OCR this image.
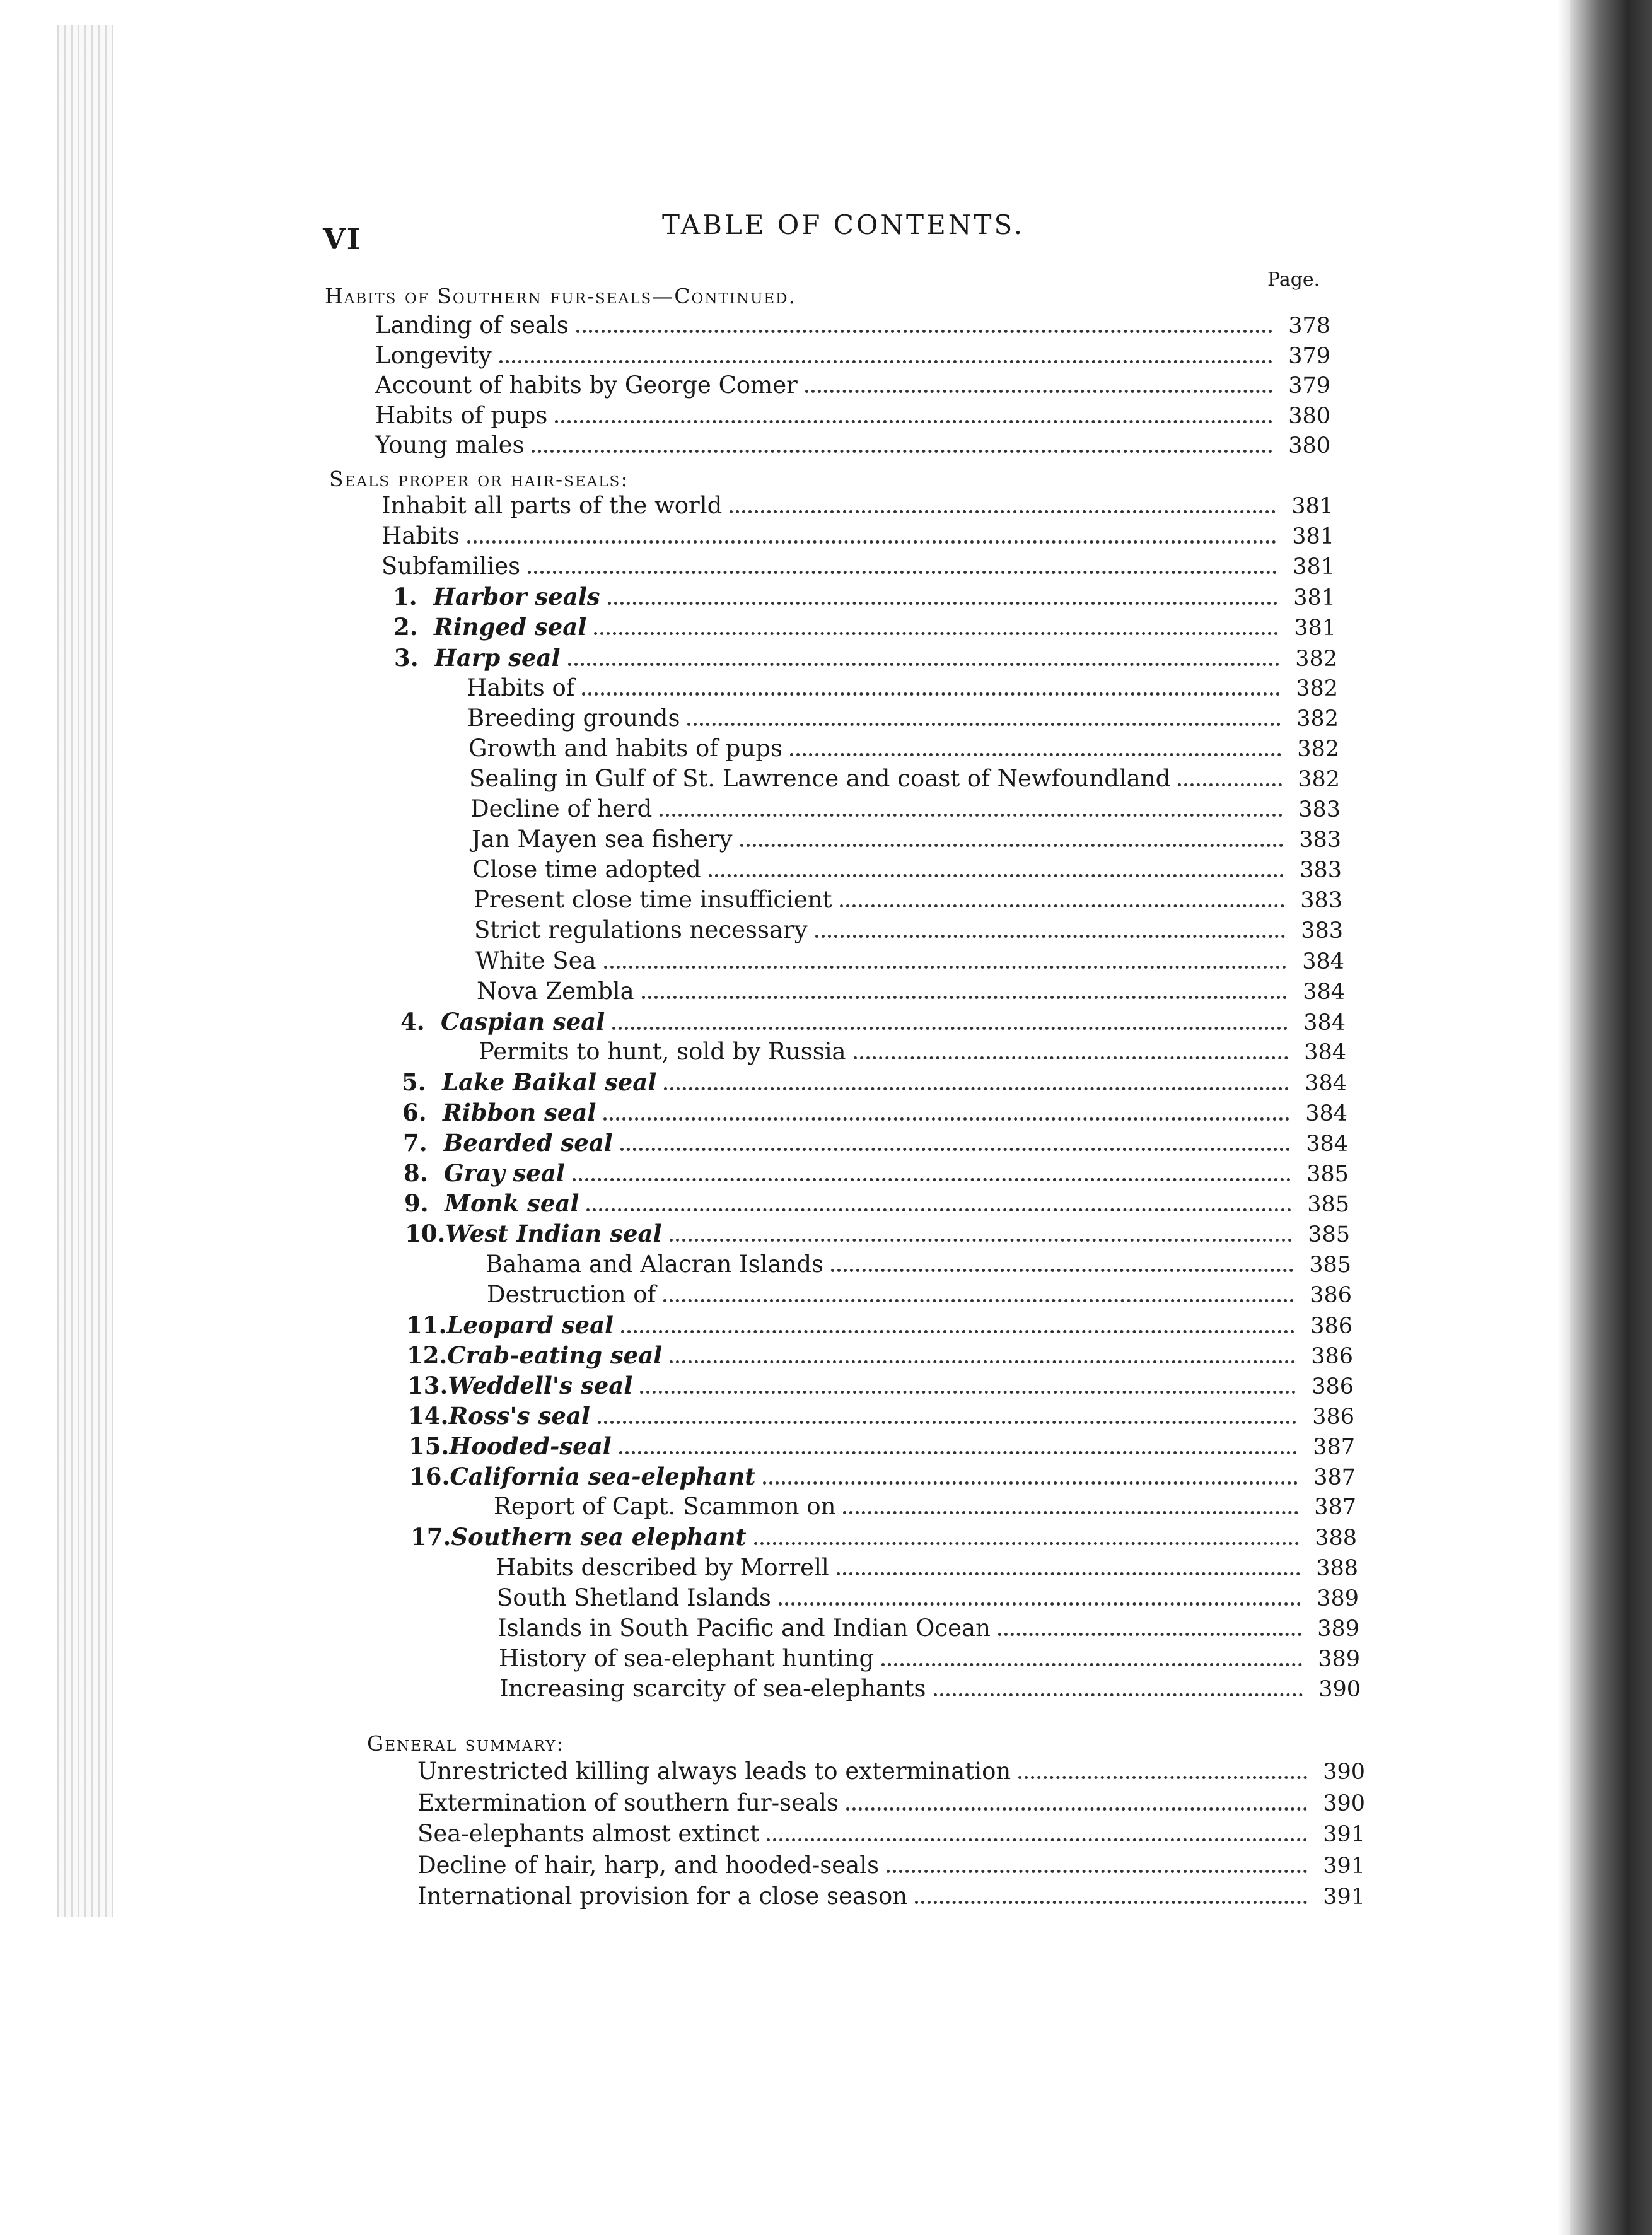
VI	TABLE OF CONTENTS.
Page.
Habits of Southern fur-seals—Continued.
Landing of seals	378
Longevity	379
Account of habits by George Comer	379
Habits of pups	380
Young males	380
Seals proper or hair-seals:
Inhabit all parts of the world	381
Habits	381
Subfamilies	381
1. Harbor seals	381
2. Ringed seal	381
3. Harp seal	382
Habits of	382
Breeding grounds	382
Growth and habits of pups	382
Sealing in Gulf of St. Lawrence and coast of Newfoundland	382
Decline of herd	383
Jan Mayen sea fishery	383
Close time adopted	383
Present close time insufficient	383
Strict regulations necessary	383
White Sea	384
Nova Zembla	384
4. Caspian seal	384
Permits to hunt, sold by Russia	384
5. Lake Baikal seal	384
6. Ribbon seal	384
7. Bearded seal	384
8. Gray seal	385
9. Monk seal	385
10. West Indian seal	385
Bahama and Alacran Islands	385
Destruction of	386
11. Leopard seal	386
12. Crab-eating seal	386
13. Weddell's seal	386
14. Ross's seal	386
15. Hooded-seal	387
16. California sea-elephant	387
Report of Capt. Scammon on	387
17. Southern sea elephant	388
Habits described by Morrell	388
South Shetland Islands	389
Islands in South Pacific and Indian Ocean	389
History of sea-elephant hunting	389
Increasing scarcity of sea-elephants	390
General summary:
Unrestricted killing always leads to extermination	390
Extermination of southern fur-seals	390
Sea-elephants almost extinct	391
Decline of hair, harp, and hooded-seals	391
International provision for a close season	391
